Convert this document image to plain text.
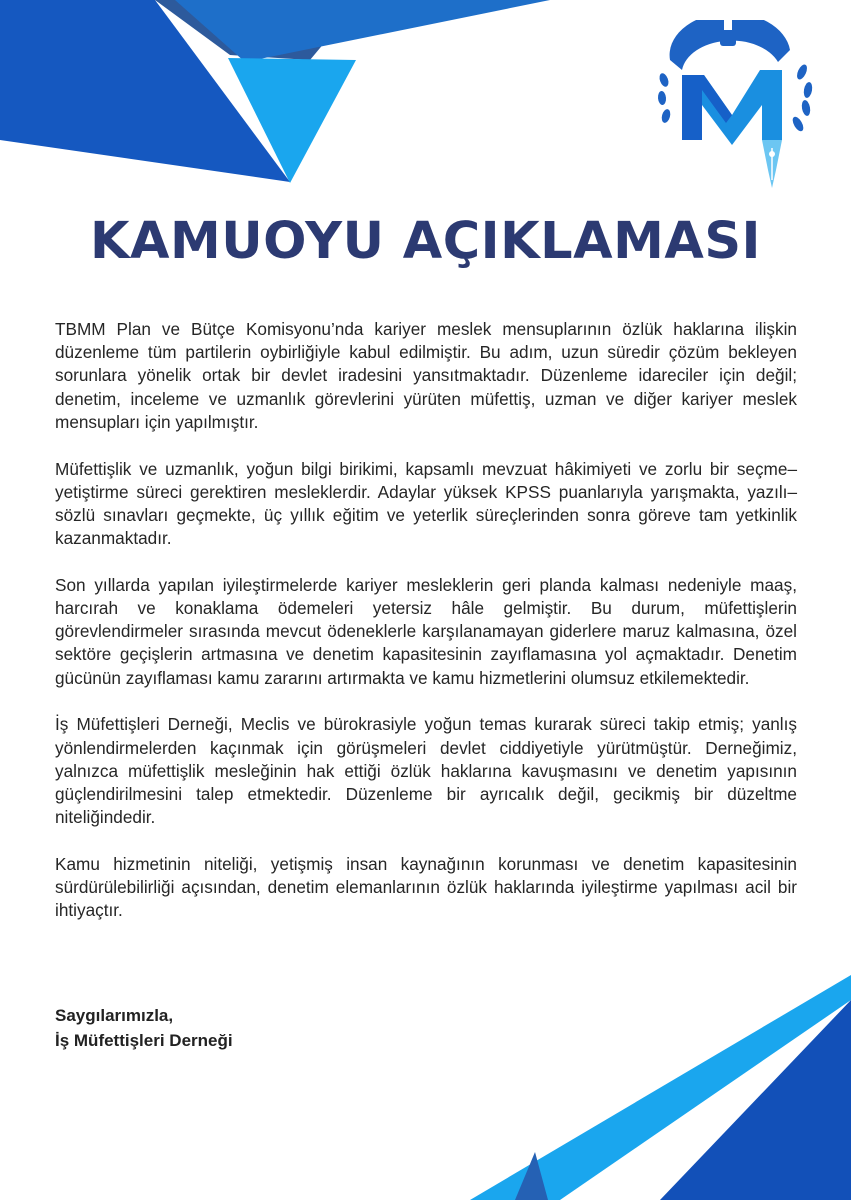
KAMUOYU AÇIKLAMASI

TBMM Plan ve Bütçe Komisyonu’nda kariyer meslek mensuplarının özlük haklarına ilişkin düzenleme tüm partilerin oybirliğiyle kabul edilmiştir. Bu adım, uzun süredir çözüm bekleyen sorunlara yönelik ortak bir devlet iradesini yansıtmaktadır. Düzenleme idareciler için değil; denetim, inceleme ve uzmanlık görevlerini yürüten müfettiş, uzman ve diğer kariyer meslek mensupları için yapılmıştır.

Müfettişlik ve uzmanlık, yoğun bilgi birikimi, kapsamlı mevzuat hâkimiyeti ve zorlu bir seçme–yetiştirme süreci gerektiren mesleklerdir. Adaylar yüksek KPSS puanlarıyla yarışmakta, yazılı–sözlü sınavları geçmekte, üç yıllık eğitim ve yeterlik süreçlerinden sonra göreve tam yetkinlik kazanmaktadır.

Son yıllarda yapılan iyileştirmelerde kariyer mesleklerin geri planda kalması nedeniyle maaş, harcırah ve konaklama ödemeleri yetersiz hâle gelmiştir. Bu durum, müfettişlerin görevlendirmeler sırasında mevcut ödeneklerle karşılanamayan giderlere maruz kalmasına, özel sektöre geçişlerin artmasına ve denetim kapasitesinin zayıflamasına yol açmaktadır. Denetim gücünün zayıflaması kamu zararını artırmakta ve kamu hizmetlerini olumsuz etkilemektedir.

İş Müfettişleri Derneği, Meclis ve bürokrasiyle yoğun temas kurarak süreci takip etmiş; yanlış yönlendirmelerden kaçınmak için görüşmeleri devlet ciddiyetiyle yürütmüştür. Derneğimiz, yalnızca müfettişlik mesleğinin hak ettiği özlük haklarına kavuşmasını ve denetim yapısının güçlendirilmesini talep etmektedir. Düzenleme bir ayrıcalık değil, gecikmiş bir düzeltme niteliğindedir.

Kamu hizmetinin niteliği, yetişmiş insan kaynağının korunması ve denetim kapasitesinin sürdürülebilirliği açısından, denetim elemanlarının özlük haklarında iyileştirme yapılması acil bir ihtiyaçtır.

Saygılarımızla,
İş Müfettişleri Derneği
